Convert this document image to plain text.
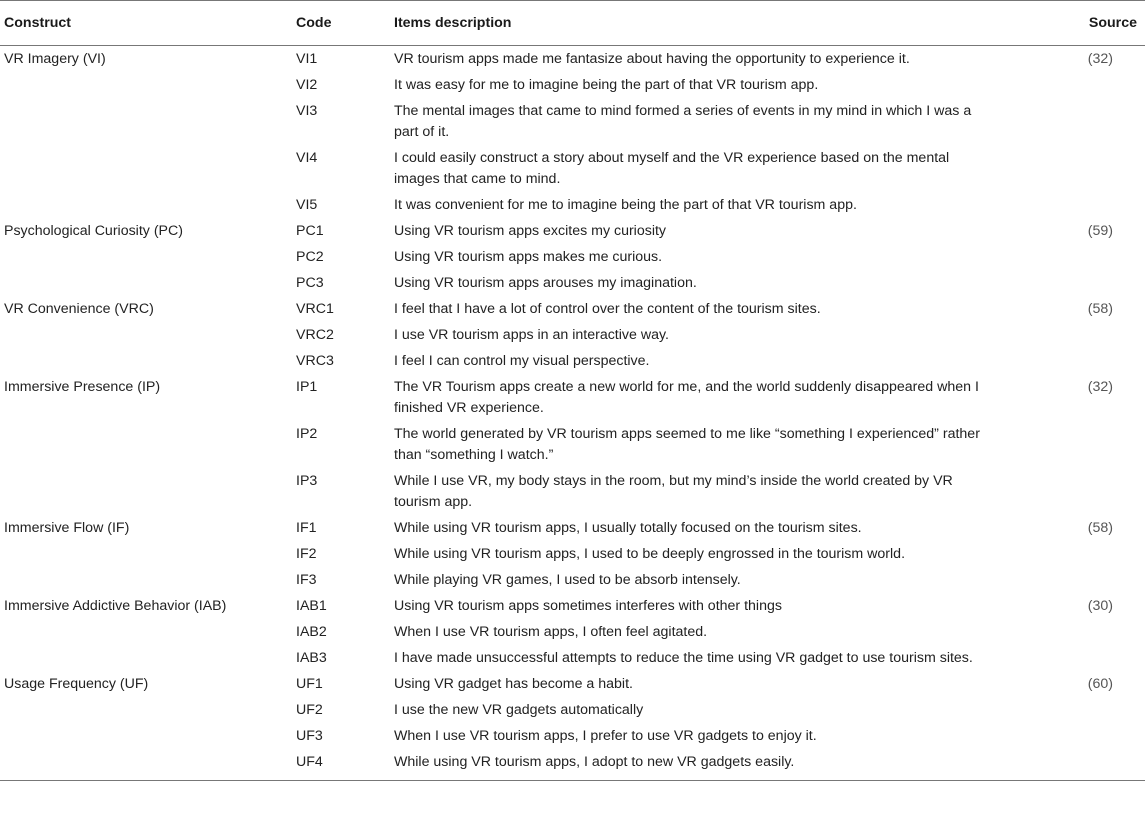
Construct	Code	Items description	Source
VR Imagery (VI)	VI1	VR tourism apps made me fantasize about having the opportunity to experience it.	(32)
	VI2	It was easy for me to imagine being the part of that VR tourism app.	
	VI3	The mental images that came to mind formed a series of events in my mind in which I was a part of it.	
	VI4	I could easily construct a story about myself and the VR experience based on the mental images that came to mind.	
	VI5	It was convenient for me to imagine being the part of that VR tourism app.	
Psychological Curiosity (PC)	PC1	Using VR tourism apps excites my curiosity	(59)
	PC2	Using VR tourism apps makes me curious.	
	PC3	Using VR tourism apps arouses my imagination.	
VR Convenience (VRC)	VRC1	I feel that I have a lot of control over the content of the tourism sites.	(58)
	VRC2	I use VR tourism apps in an interactive way.	
	VRC3	I feel I can control my visual perspective.	
Immersive Presence (IP)	IP1	The VR Tourism apps create a new world for me, and the world suddenly disappeared when I finished VR experience.	(32)
	IP2	The world generated by VR tourism apps seemed to me like “something I experienced” rather than “something I watch.”	
	IP3	While I use VR, my body stays in the room, but my mind’s inside the world created by VR tourism app.	
Immersive Flow (IF)	IF1	While using VR tourism apps, I usually totally focused on the tourism sites.	(58)
	IF2	While using VR tourism apps, I used to be deeply engrossed in the tourism world.	
	IF3	While playing VR games, I used to be absorb intensely.	
Immersive Addictive Behavior (IAB)	IAB1	Using VR tourism apps sometimes interferes with other things	(30)
	IAB2	When I use VR tourism apps, I often feel agitated.	
	IAB3	I have made unsuccessful attempts to reduce the time using VR gadget to use tourism sites.	
Usage Frequency (UF)	UF1	Using VR gadget has become a habit.	(60)
	UF2	I use the new VR gadgets automatically	
	UF3	When I use VR tourism apps, I prefer to use VR gadgets to enjoy it.	
	UF4	While using VR tourism apps, I adopt to new VR gadgets easily.	
